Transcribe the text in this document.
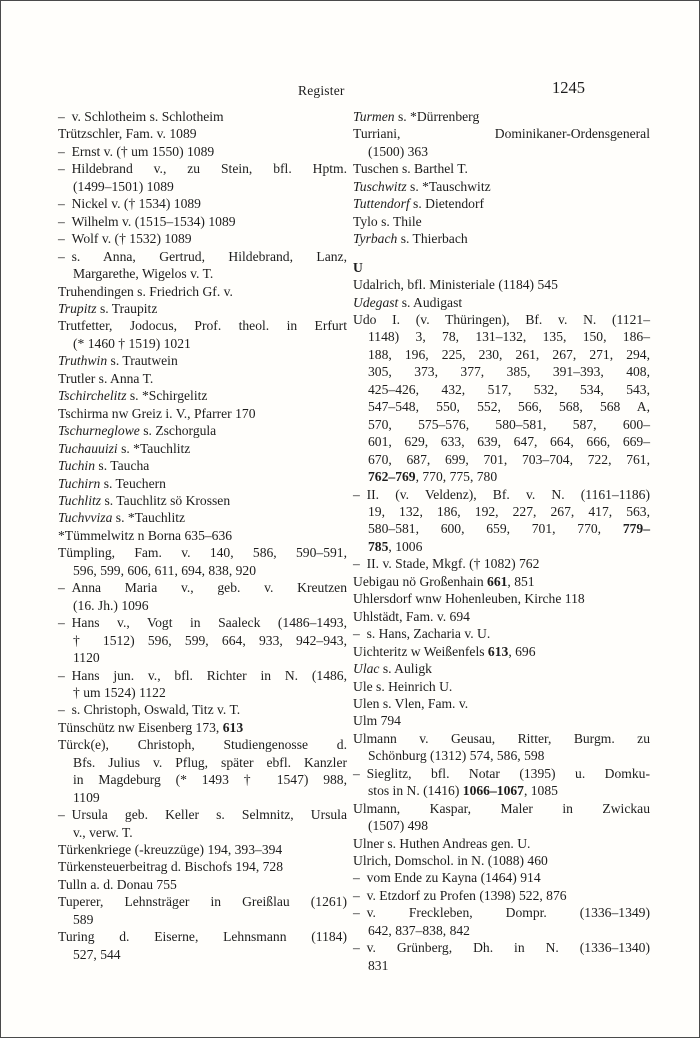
Register	1245
– v. Schlotheim s. Schlotheim
Trützschler, Fam. v. 1089
– Ernst v. († um 1550) 1089
– Hildebrand v., zu Stein, bfl. Hptm.
(1499–1501) 1089
– Nickel v. († 1534) 1089
– Wilhelm v. (1515–1534) 1089
– Wolf v. († 1532) 1089
– s. Anna, Gertrud, Hildebrand, Lanz,
Margarethe, Wigelos v. T.
Truhendingen s. Friedrich Gf. v.
Trupitz s. Traupitz
Trutfetter, Jodocus, Prof. theol. in Erfurt
(* 1460 † 1519) 1021
Truthwin s. Trautwein
Trutler s. Anna T.
Tschirchelitz s. *Schirgelitz
Tschirma nw Greiz i. V., Pfarrer 170
Tschurneglowe s. Zschorgula
Tuchauuizi s. *Tauchlitz
Tuchin s. Taucha
Tuchirn s. Teuchern
Tuchlitz s. Tauchlitz sö Krossen
Tuchvviza s. *Tauchlitz
*Tümmelwitz n Borna 635–636
Tümpling, Fam. v. 140, 586, 590–591,
596, 599, 606, 611, 694, 838, 920
– Anna Maria v., geb. v. Kreutzen
(16. Jh.) 1096
– Hans v., Vogt in Saaleck (1486–1493,
† 1512) 596, 599, 664, 933, 942–943,
1120
– Hans jun. v., bfl. Richter in N. (1486,
† um 1524) 1122
– s. Christoph, Oswald, Titz v. T.
Tünschütz nw Eisenberg 173, 613
Türck(e), Christoph, Studiengenosse d.
Bfs. Julius v. Pflug, später ebfl. Kanzler
in Magdeburg (* 1493 † 1547) 988,
1109
– Ursula geb. Keller s. Selmnitz, Ursula
v., verw. T.
Türkenkriege (-kreuzzüge) 194, 393–394
Türkensteuerbeitrag d. Bischofs 194, 728
Tulln a. d. Donau 755
Tuperer, Lehnsträger in Greißlau (1261)
589
Turing d. Eiserne, Lehnsmann (1184)
527, 544
Turmen s. *Dürrenberg
Turriani, Dominikaner-Ordensgeneral
(1500) 363
Tuschen s. Barthel T.
Tuschwitz s. *Tauschwitz
Tuttendorf s. Dietendorf
Tylo s. Thile
Tyrbach s. Thierbach
U
Udalrich, bfl. Ministeriale (1184) 545
Udegast s. Audigast
Udo I. (v. Thüringen), Bf. v. N. (1121–
1148) 3, 78, 131–132, 135, 150, 186–
188, 196, 225, 230, 261, 267, 271, 294,
305, 373, 377, 385, 391–393, 408,
425–426, 432, 517, 532, 534, 543,
547–548, 550, 552, 566, 568, 568 A,
570, 575–576, 580–581, 587, 600–
601, 629, 633, 639, 647, 664, 666, 669–
670, 687, 699, 701, 703–704, 722, 761,
762–769, 770, 775, 780
– II. (v. Veldenz), Bf. v. N. (1161–1186)
19, 132, 186, 192, 227, 267, 417, 563,
580–581, 600, 659, 701, 770, 779–
785, 1006
– II. v. Stade, Mkgf. († 1082) 762
Uebigau nö Großenhain 661, 851
Uhlersdorf wnw Hohenleuben, Kirche 118
Uhlstädt, Fam. v. 694
– s. Hans, Zacharia v. U.
Uichteritz w Weißenfels 613, 696
Ulac s. Auligk
Ule s. Heinrich U.
Ulen s. Vlen, Fam. v.
Ulm 794
Ulmann v. Geusau, Ritter, Burgm. zu
Schönburg (1312) 574, 586, 598
– Sieglitz, bfl. Notar (1395) u. Domku-
stos in N. (1416) 1066–1067, 1085
Ulmann, Kaspar, Maler in Zwickau
(1507) 498
Ulner s. Huthen Andreas gen. U.
Ulrich, Domschol. in N. (1088) 460
– vom Ende zu Kayna (1464) 914
– v. Etzdorf zu Profen (1398) 522, 876
– v. Freckleben, Dompr. (1336–1349)
642, 837–838, 842
– v. Grünberg, Dh. in N. (1336–1340)
831
